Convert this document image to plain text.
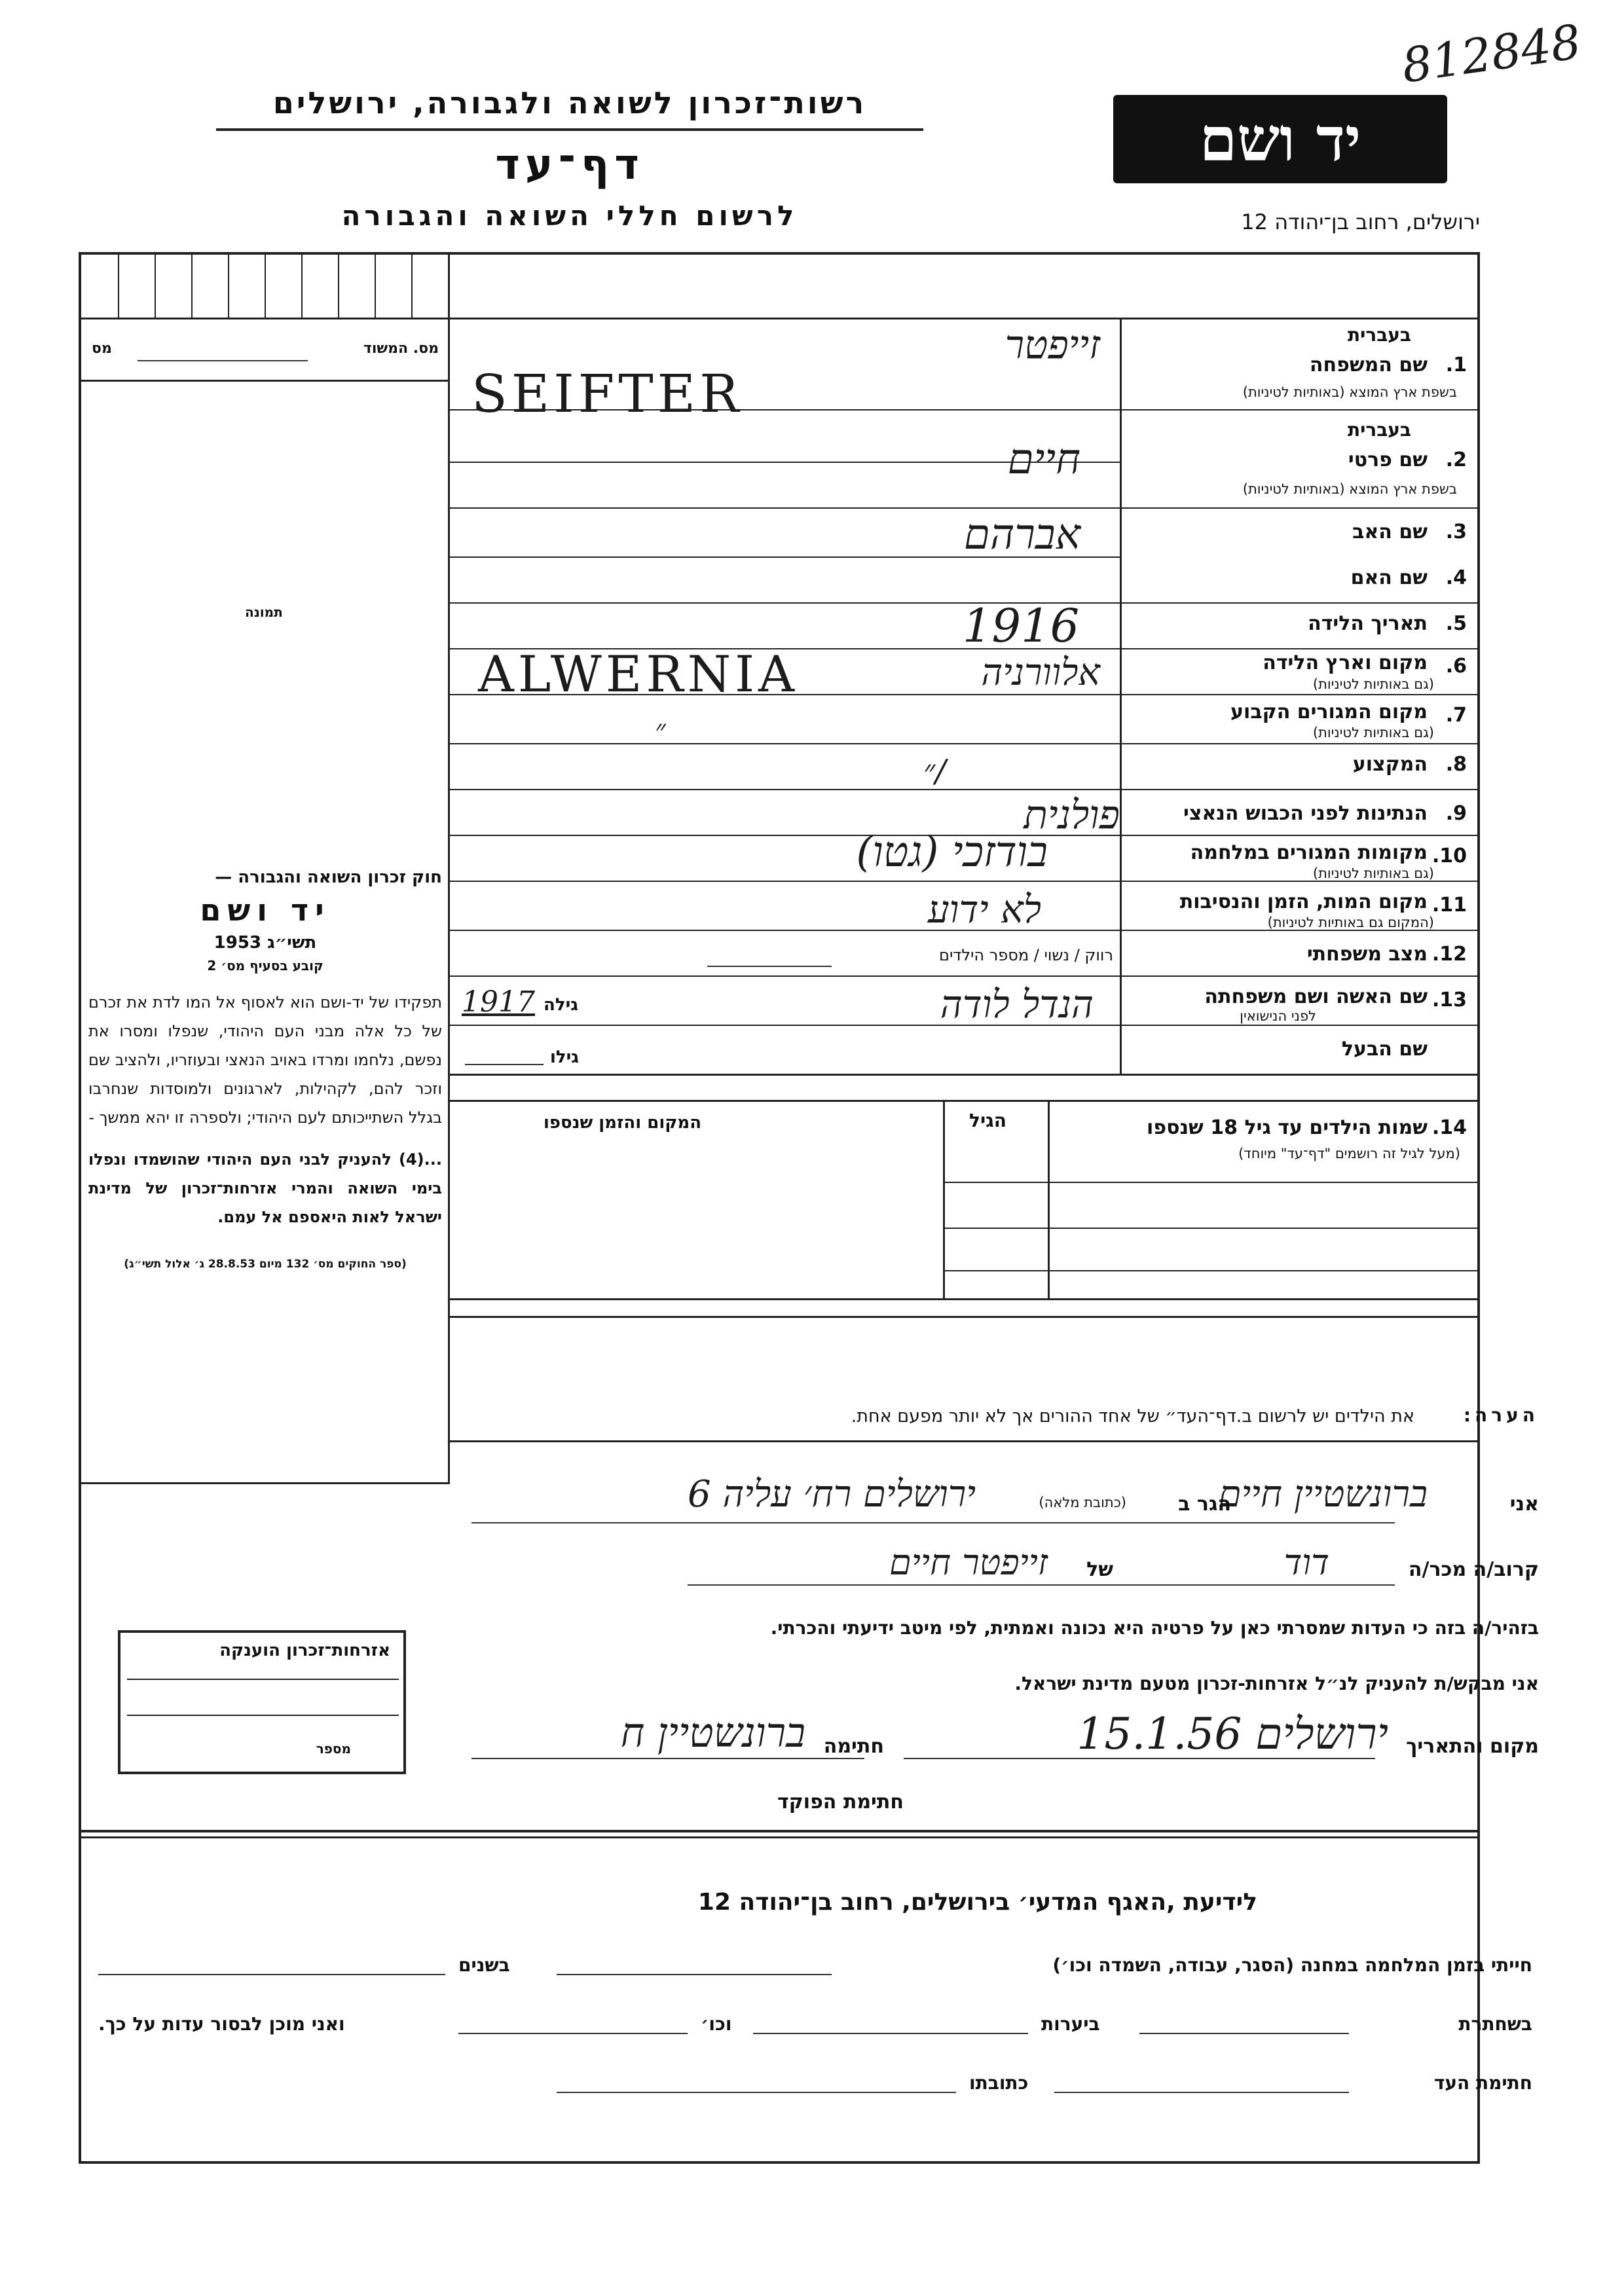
812848
יד ושם
רשות־זכרון לשואה ולגבורה, ירושלים
דף־עד
לרשום חללי השואה והגבורה	ירושלים, רחוב בן־יהודה 12
מס. המשוד
מס
תמונה
חוק זכרון השואה והגבורה —
יד ושם
תשי״ג 1953
קובע בסעיף מס׳ 2
תפקידו של יד-ושם הוא לאסוף אל המו לדת את זכרם של כל אלה מבני העם היהודי, שנפלו ומסרו את נפשם, נלחמו ומרדו באויב הנאצי ובעוזריו, ולהציב שם וזכר להם, לקהילות, לארגונים ולמוסדות שנחרבו בגלל השתייכותם לעם היהודי; ולספרה זו יהא ממשך -
...(4) להעניק לבני העם היהודי שהושמדו ונפלו בימי השואה והמרי אזרחות־זכרון של מדינת ישראל לאות היאספם אל עמם.
(ספר החוקים מס׳ 132 מיום 28.8.53 ג׳ אלול תשי״ג)
1.
בעברית
שם המשפחה
בשפת ארץ המוצא (באותיות לטיניות)
זייפטר
SEIFTER
בעברית
2.
שם פרטי
בשפת ארץ המוצא (באותיות לטיניות)
חיים
3.
שם האב
אברהם
4.
שם האם
5.
תאריך הלידה
1916
6.
מקום וארץ הלידה
(גם באותיות לטיניות)
ALWERNIA	אלוורניה
7.
מקום המגורים הקבוע
(גם באותיות לטיניות)
״
8.
המקצוע
״/
9.
הנתינות לפני הכבוש הנאצי
פולנית
10.
מקומות המגורים במלחמה
(גם באותיות לטיניות)
בודזכי (גטו)
11.
מקום המות, הזמן והנסיבות
(המקום גם באותיות לטיניות)
לא ידוע
12.
מצב משפחתי
רווק / נשוי / מספר הילדים
13.
שם האשה ושם משפחתה
לפני הנישואין
הנדל לודה
גילה
1917
שם הבעל
גילו
14.
שמות הילדים עד גיל 18 שנספו
(מעל לגיל זה רושמים "דף־עד" מיוחד)
הגיל
המקום והזמן שנספו
הערה:
את הילדים יש לרשום ב.דף־העד״ של אחד ההורים אך לא יותר מפעם אחת.
אני
ברונשטיין חיים
הגר ב
(כתובת מלאה)
ירושלים רח׳ עליה 6
קרוב/ה מכר/ה
דוד
של
זייפטר חיים
בזהיר/ה בזה כי העדות שמסרתי כאן על פרטיה היא נכונה ואמתית, לפי מיטב ידיעתי והכרתי.
אני מבקש/ת להעניק לנ״ל אזרחות-זכרון מטעם מדינת ישראל.
מקום והתאריך
ירושלים 15.1.56
חתימה
ברונשטיין ח
חתימת הפוקד
אזרחות־זכרון הוענקה
מספר
לידיעת ,האגף המדעי׳ בירושלים, רחוב בן־יהודה 12
חייתי בזמן המלחמה במחנה (הסגר, עבודה, השמדה וכו׳)
בשנים
בשחתרת
ביערות
וכו׳
ואני מוכן לבסור עדות על כך.
חתימת העד
כתובתו
